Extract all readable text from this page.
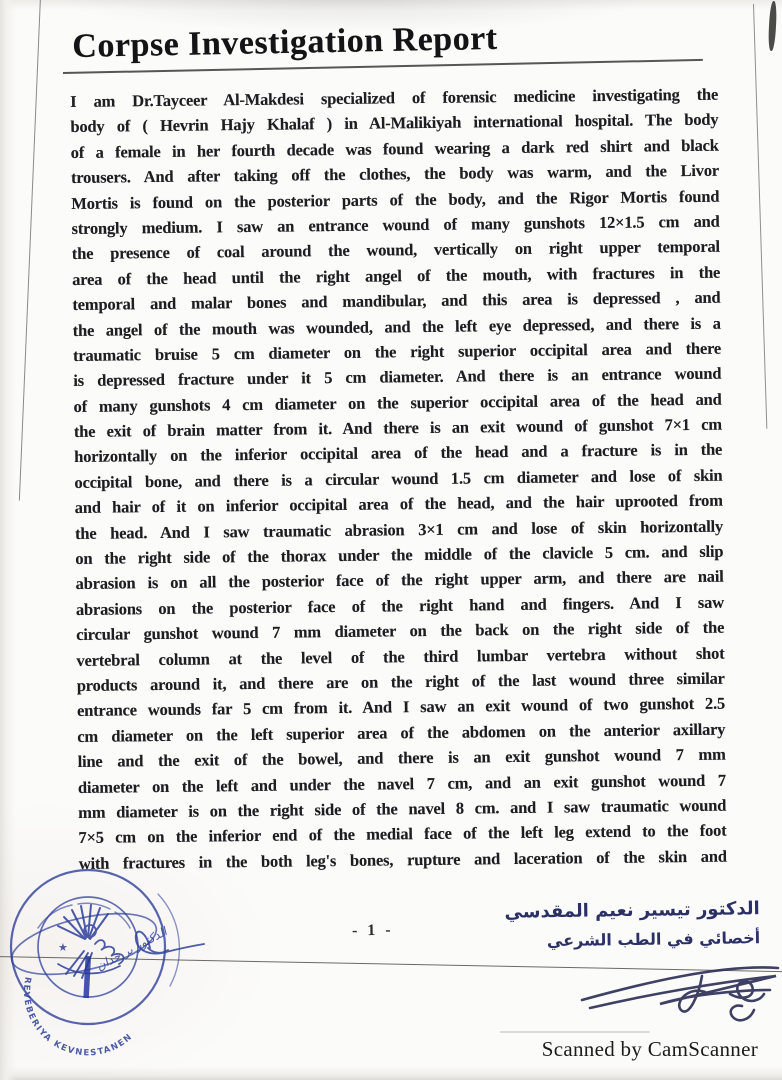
Corpse Investigation Report
I am Dr.Tayceer Al-Makdesi specialized of forensic medicine investigating the
body of ( Hevrin Hajy Khalaf ) in Al-Malikiyah international hospital. The body
of a female in her fourth decade was found wearing a dark red shirt and black
trousers. And after taking off the clothes, the body was warm, and the Livor
Mortis is found on the posterior parts of the body, and the Rigor Mortis found
strongly medium. I saw an entrance wound of many gunshots 12×1.5 cm and
the presence of coal around the wound, vertically on right upper temporal
area of the head until the right angel of the mouth, with fractures in the
temporal and malar bones and mandibular, and this area is depressed , and
the angel of the mouth was wounded, and the left eye depressed, and there is a
traumatic bruise 5 cm diameter on the right superior occipital area and there
is depressed fracture under it 5 cm diameter. And there is an entrance wound
of many gunshots 4 cm diameter on the superior occipital area of the head and
the exit of brain matter from it. And there is an exit wound of gunshot 7×1 cm
horizontally on the inferior occipital area of the head and a fracture is in the
occipital bone, and there is a circular wound 1.5 cm diameter and lose of skin
and hair of it on inferior occipital area of the head, and the hair uprooted from
the head. And I saw traumatic abrasion 3×1 cm and lose of skin horizontally
on the right side of the thorax under the middle of the clavicle 5 cm. and slip
abrasion is on all the posterior face of the right upper arm, and there are nail
abrasions on the posterior face of the right hand and fingers. And I saw
circular gunshot wound 7 mm diameter on the back on the right side of the
vertebral column at the level of the third lumbar vertebra without shot
products around it, and there are on the right of the last wound three similar
entrance wounds far 5 cm from it. And I saw an exit wound of two gunshot 2.5
cm diameter on the left superior area of the abdomen on the anterior axillary
line and the exit of the bowel, and there is an exit gunshot wound 7 mm
diameter on the left and under the navel 7 cm, and an exit gunshot wound 7
mm diameter is on the right side of the navel 8 cm. and I saw traumatic wound
7×5 cm on the inferior end of the medial face of the left leg extend to the foot
with fractures in the both leg's bones, rupture and laceration of the skin and
- 1 -
الدكتور تيسير نعيم المقدسي
أخصائي في الطب الشرعي
★
REVEBERIYA KEVNESTANEN
الدكتور بر خدان
Scanned by CamScanner
